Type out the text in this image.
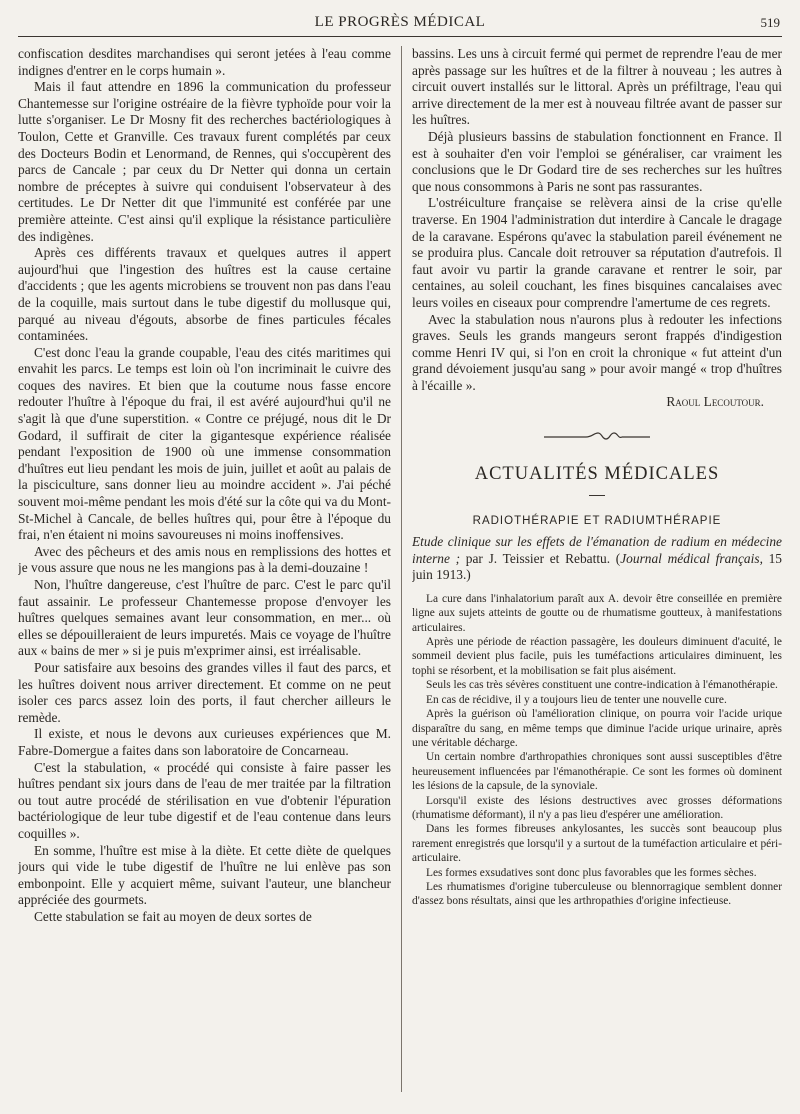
LE PROGRÈS MÉDICAL	519

confiscation desdites marchandises qui seront jetées à l'eau comme indignes d'entrer en le corps humain ».

Mais il faut attendre en 1896 la communication du professeur Chantemesse sur l'origine ostréaire de la fièvre typhoïde pour voir la lutte s'organiser. Le Dr Mosny fit des recherches bactériologiques à Toulon, Cette et Granville. Ces travaux furent complétés par ceux des Docteurs Bodin et Lenormand, de Rennes, qui s'occupèrent des parcs de Cancale ; par ceux du Dr Netter qui donna un certain nombre de préceptes à suivre qui conduisent l'observateur à des certitudes. Le Dr Netter dit que l'immunité est conférée par une première atteinte. C'est ainsi qu'il explique la résistance particulière des indigènes.

Après ces différents travaux et quelques autres il appert aujourd'hui que l'ingestion des huîtres est la cause certaine d'accidents ; que les agents microbiens se trouvent non pas dans l'eau de la coquille, mais surtout dans le tube digestif du mollusque qui, parqué au niveau d'égouts, absorbe de fines particules fécales contaminées.

C'est donc l'eau la grande coupable, l'eau des cités maritimes qui envahit les parcs. Le temps est loin où l'on incriminait le cuivre des coques des navires. Et bien que la coutume nous fasse encore redouter l'huître à l'époque du frai, il est avéré aujourd'hui qu'il ne s'agit là que d'une superstition. « Contre ce préjugé, nous dit le Dr Godard, il suffirait de citer la gigantesque expérience réalisée pendant l'exposition de 1900 où une immense consommation d'huîtres eut lieu pendant les mois de juin, juillet et août au palais de la pisciculture, sans donner lieu au moindre accident ». J'ai péché souvent moi-même pendant les mois d'été sur la côte qui va du Mont-St-Michel à Cancale, de belles huîtres qui, pour être à l'époque du frai, n'en étaient ni moins savoureuses ni moins inoffensives.

Avec des pêcheurs et des amis nous en remplissions des hottes et je vous assure que nous ne les mangions pas à la demi-douzaine !

Non, l'huître dangereuse, c'est l'huître de parc. C'est le parc qu'il faut assainir. Le professeur Chantemesse propose d'envoyer les huîtres quelques semaines avant leur consommation, en mer... où elles se dépouilleraient de leurs impuretés. Mais ce voyage de l'huître aux « bains de mer » si je puis m'exprimer ainsi, est irréalisable.

Pour satisfaire aux besoins des grandes villes il faut des parcs, et les huîtres doivent nous arriver directement. Et comme on ne peut isoler ces parcs assez loin des ports, il faut chercher ailleurs le remède.

Il existe, et nous le devons aux curieuses expériences que M. Fabre-Domergue a faites dans son laboratoire de Concarneau.

C'est la stabulation, « procédé qui consiste à faire passer les huîtres pendant six jours dans de l'eau de mer traitée par la filtration ou tout autre procédé de stérilisation en vue d'obtenir l'épuration bactériologique de leur tube digestif et de l'eau contenue dans leurs coquilles ».

En somme, l'huître est mise à la diète. Et cette diète de quelques jours qui vide le tube digestif de l'huître ne lui enlève pas son embonpoint. Elle y acquiert même, suivant l'auteur, une blancheur appréciée des gourmets.

Cette stabulation se fait au moyen de deux sortes de

bassins. Les uns à circuit fermé qui permet de reprendre l'eau de mer après passage sur les huîtres et de la filtrer à nouveau ; les autres à circuit ouvert installés sur le littoral. Après un préfiltrage, l'eau qui arrive directement de la mer est à nouveau filtrée avant de passer sur les huîtres.

Déjà plusieurs bassins de stabulation fonctionnent en France. Il est à souhaiter d'en voir l'emploi se généraliser, car vraiment les conclusions que le Dr Godard tire de ses recherches sur les huîtres que nous consommons à Paris ne sont pas rassurantes.

L'ostréiculture française se relèvera ainsi de la crise qu'elle traverse. En 1904 l'administration dut interdire à Cancale le dragage de la caravane. Espérons qu'avec la stabulation pareil événement ne se produira plus. Cancale doit retrouver sa réputation d'autrefois. Il faut avoir vu partir la grande caravane et rentrer le soir, par centaines, au soleil couchant, les fines bisquines cancalaises avec leurs voiles en ciseaux pour comprendre l'amertume de ces regrets.

Avec la stabulation nous n'aurons plus à redouter les infections graves. Seuls les grands mangeurs seront frappés d'indigestion comme Henri IV qui, si l'on en croit la chronique « fut atteint d'un grand dévoiement jusqu'au sang » pour avoir mangé « trop d'huîtres à l'écaille ».

Raoul Lecoutour.

ACTUALITÉS MÉDICALES

RADIOTHÉRAPIE ET RADIUMTHÉRAPIE

Etude clinique sur les effets de l'émanation de radium en médecine interne ; par J. Teissier et Rebattu. (Journal médical français, 15 juin 1913.)

La cure dans l'inhalatorium paraît aux A. devoir être conseillée en première ligne aux sujets atteints de goutte ou de rhumatisme goutteux, à manifestations articulaires.

Après une période de réaction passagère, les douleurs diminuent d'acuité, le sommeil devient plus facile, puis les tuméfactions articulaires diminuent, les tophi se résorbent, et la mobilisation se fait plus aisément.

Seuls les cas très sévères constituent une contre-indication à l'émanothérapie.

En cas de récidive, il y a toujours lieu de tenter une nouvelle cure.

Après la guérison où l'amélioration clinique, on pourra voir l'acide urique disparaître du sang, en même temps que diminue l'acide urique urinaire, après une véritable décharge.

Un certain nombre d'arthropathies chroniques sont aussi susceptibles d'être heureusement influencées par l'émanothérapie. Ce sont les formes où dominent les lésions de la capsule, de la synoviale.

Lorsqu'il existe des lésions destructives avec grosses déformations (rhumatisme déformant), il n'y a pas lieu d'espérer une amélioration.

Dans les formes fibreuses ankylosantes, les succès sont beaucoup plus rarement enregistrés que lorsqu'il y a surtout de la tuméfaction articulaire et péri-articulaire.

Les formes exsudatives sont donc plus favorables que les formes sèches.

Les rhumatismes d'origine tuberculeuse ou blennorragique semblent donner d'assez bons résultats, ainsi que les arthropathies d'origine infectieuse.
